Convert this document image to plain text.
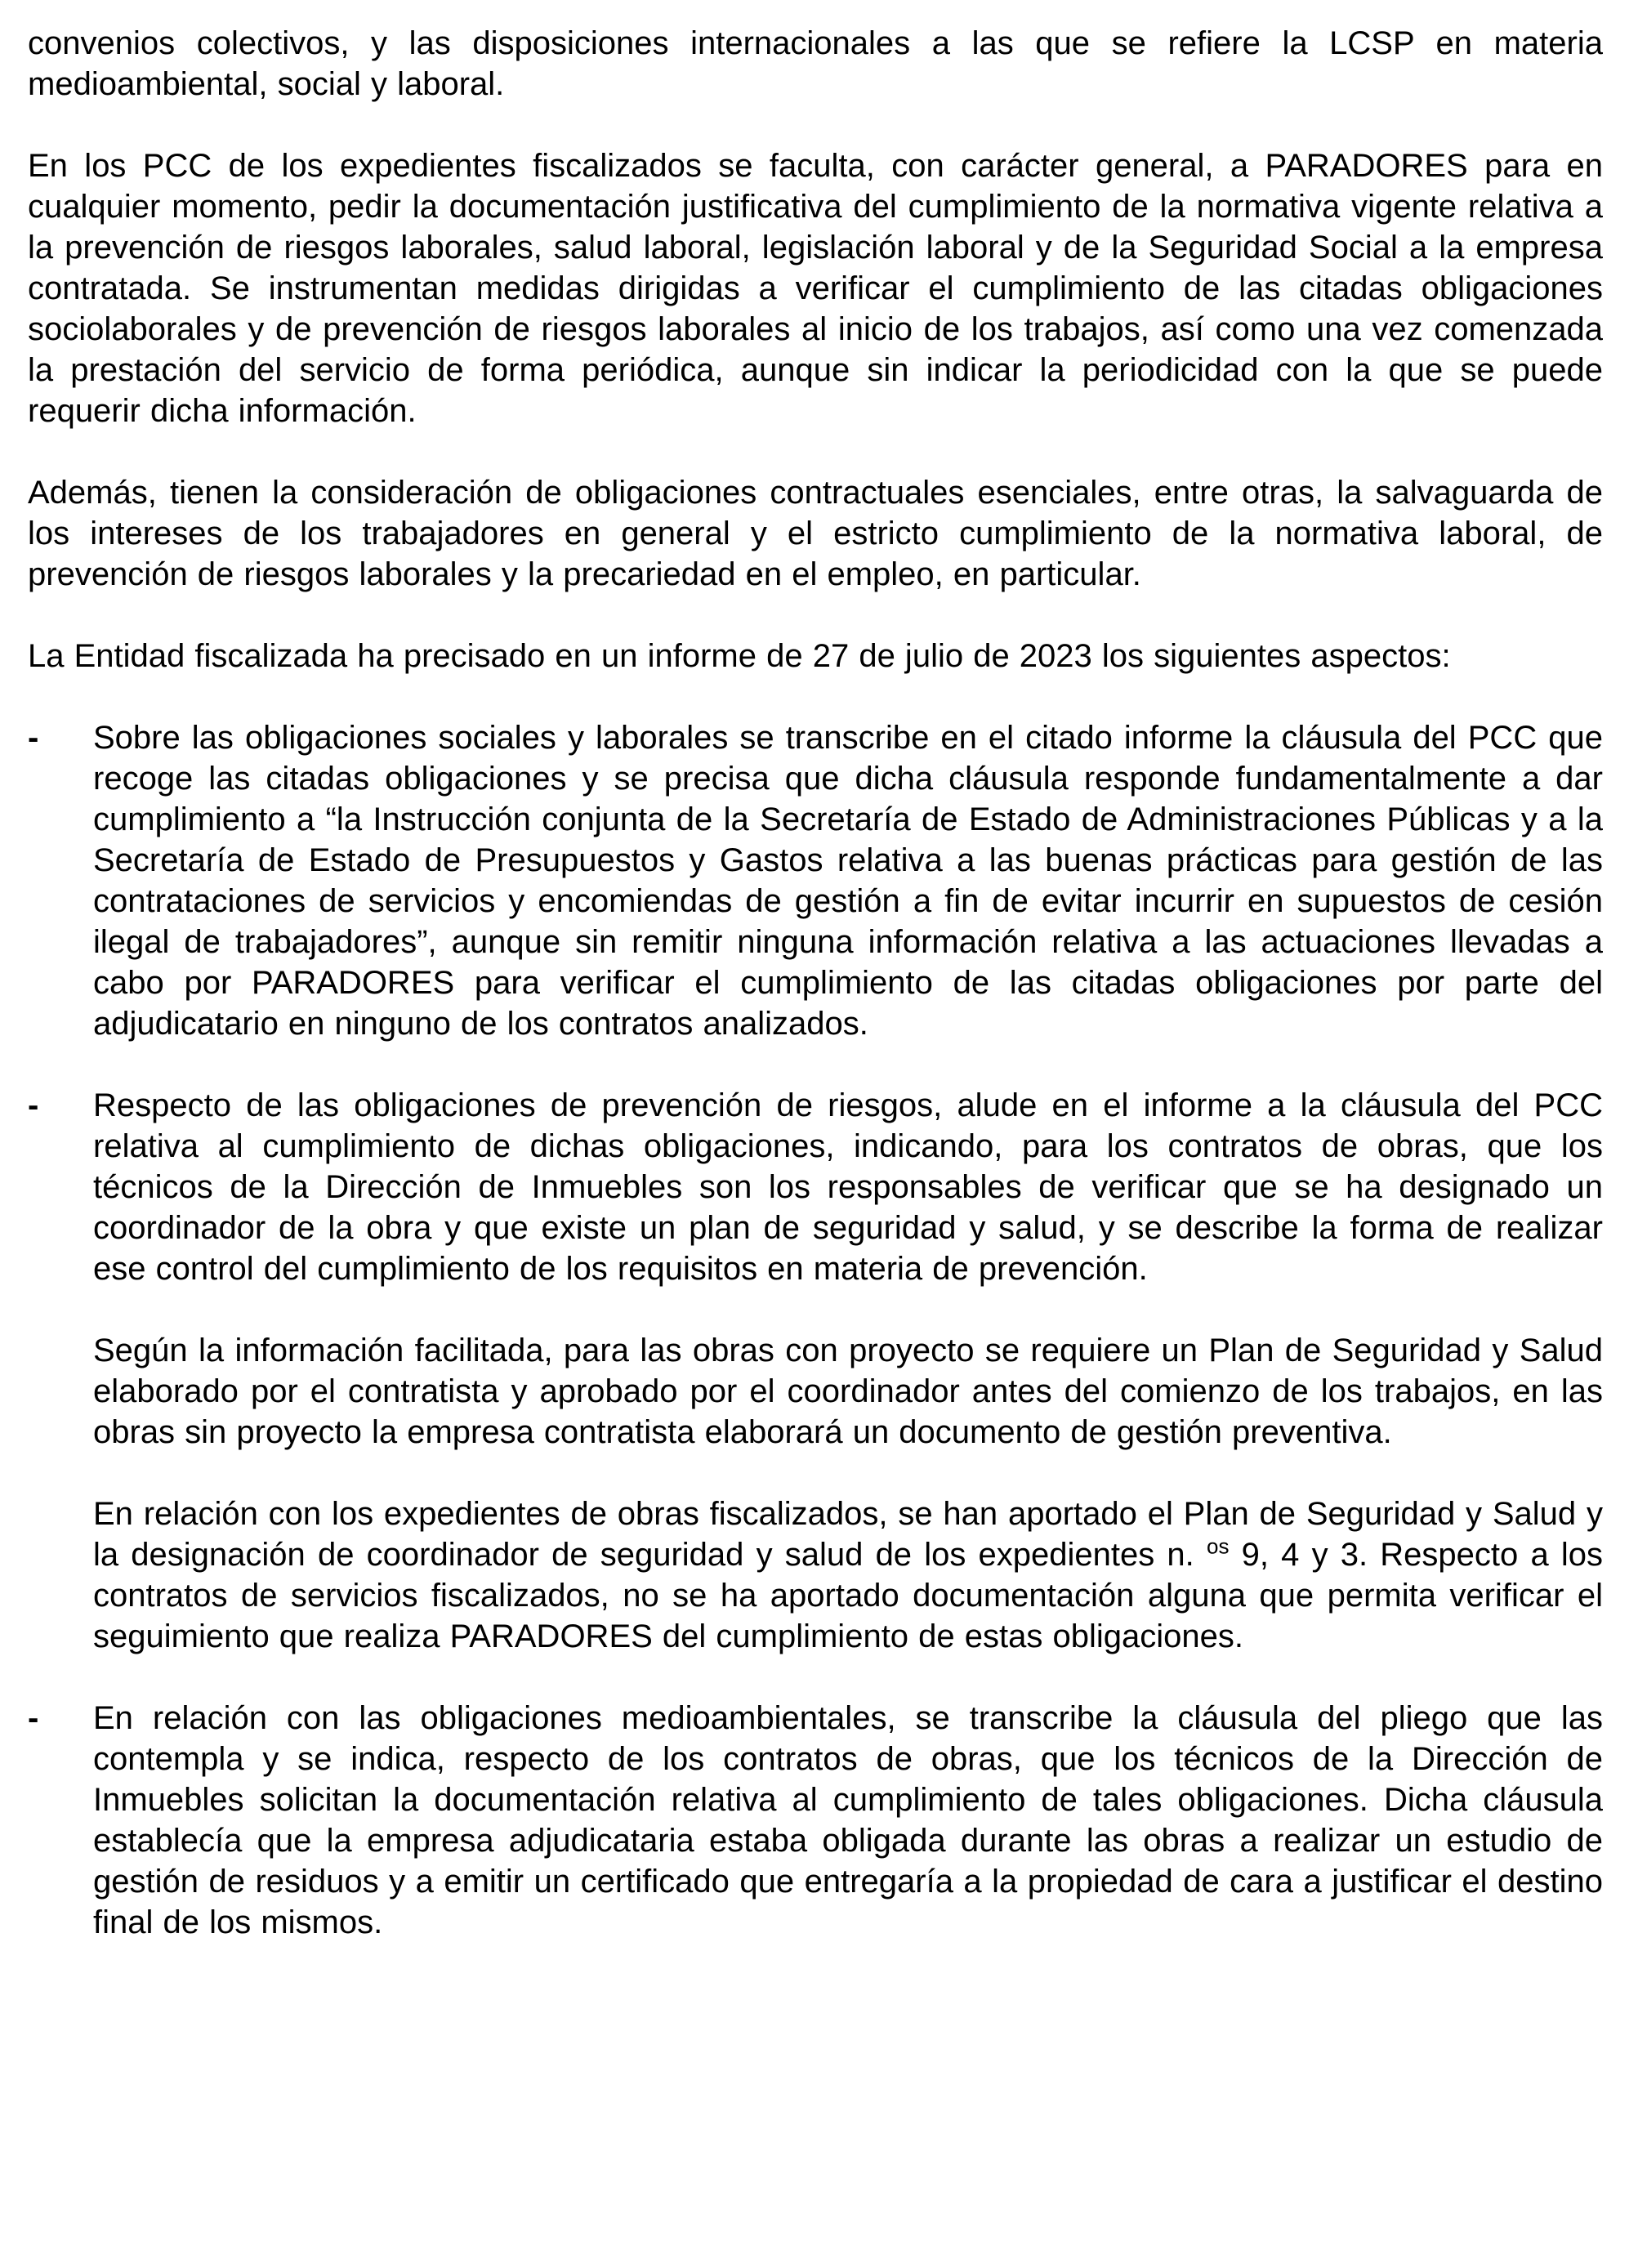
convenios colectivos, y las disposiciones internacionales a las que se refiere la LCSP en materia medioambiental, social y laboral.

En los PCC de los expedientes fiscalizados se faculta, con carácter general, a PARADORES para en cualquier momento, pedir la documentación justificativa del cumplimiento de la normativa vigente relativa a la prevención de riesgos laborales, salud laboral, legislación laboral y de la Seguridad Social a la empresa contratada. Se instrumentan medidas dirigidas a verificar el cumplimiento de las citadas obligaciones sociolaborales y de prevención de riesgos laborales al inicio de los trabajos, así como una vez comenzada la prestación del servicio de forma periódica, aunque sin indicar la periodicidad con la que se puede requerir dicha información.

Además, tienen la consideración de obligaciones contractuales esenciales, entre otras, la salvaguarda de los intereses de los trabajadores en general y el estricto cumplimiento de la normativa laboral, de prevención de riesgos laborales y la precariedad en el empleo, en particular.

La Entidad fiscalizada ha precisado en un informe de 27 de julio de 2023 los siguientes aspectos:

- Sobre las obligaciones sociales y laborales se transcribe en el citado informe la cláusula del PCC que recoge las citadas obligaciones y se precisa que dicha cláusula responde fundamentalmente a dar cumplimiento a “la Instrucción conjunta de la Secretaría de Estado de Administraciones Públicas y a la Secretaría de Estado de Presupuestos y Gastos relativa a las buenas prácticas para gestión de las contrataciones de servicios y encomiendas de gestión a fin de evitar incurrir en supuestos de cesión ilegal de trabajadores”, aunque sin remitir ninguna información relativa a las actuaciones llevadas a cabo por PARADORES para verificar el cumplimiento de las citadas obligaciones por parte del adjudicatario en ninguno de los contratos analizados.

- Respecto de las obligaciones de prevención de riesgos, alude en el informe a la cláusula del PCC relativa al cumplimiento de dichas obligaciones, indicando, para los contratos de obras, que los técnicos de la Dirección de Inmuebles son los responsables de verificar que se ha designado un coordinador de la obra y que existe un plan de seguridad y salud, y se describe la forma de realizar ese control del cumplimiento de los requisitos en materia de prevención.

Según la información facilitada, para las obras con proyecto se requiere un Plan de Seguridad y Salud elaborado por el contratista y aprobado por el coordinador antes del comienzo de los trabajos, en las obras sin proyecto la empresa contratista elaborará un documento de gestión preventiva.

En relación con los expedientes de obras fiscalizados, se han aportado el Plan de Seguridad y Salud y la designación de coordinador de seguridad y salud de los expedientes n. $^{os}$ 9, 4 y 3. Respecto a los contratos de servicios fiscalizados, no se ha aportado documentación alguna que permita verificar el seguimiento que realiza PARADORES del cumplimiento de estas obligaciones.

- En relación con las obligaciones medioambientales, se transcribe la cláusula del pliego que las contempla y se indica, respecto de los contratos de obras, que los técnicos de la Dirección de Inmuebles solicitan la documentación relativa al cumplimiento de tales obligaciones. Dicha cláusula establecía que la empresa adjudicataria estaba obligada durante las obras a realizar un estudio de gestión de residuos y a emitir un certificado que entregaría a la propiedad de cara a justificar el destino final de los mismos.
